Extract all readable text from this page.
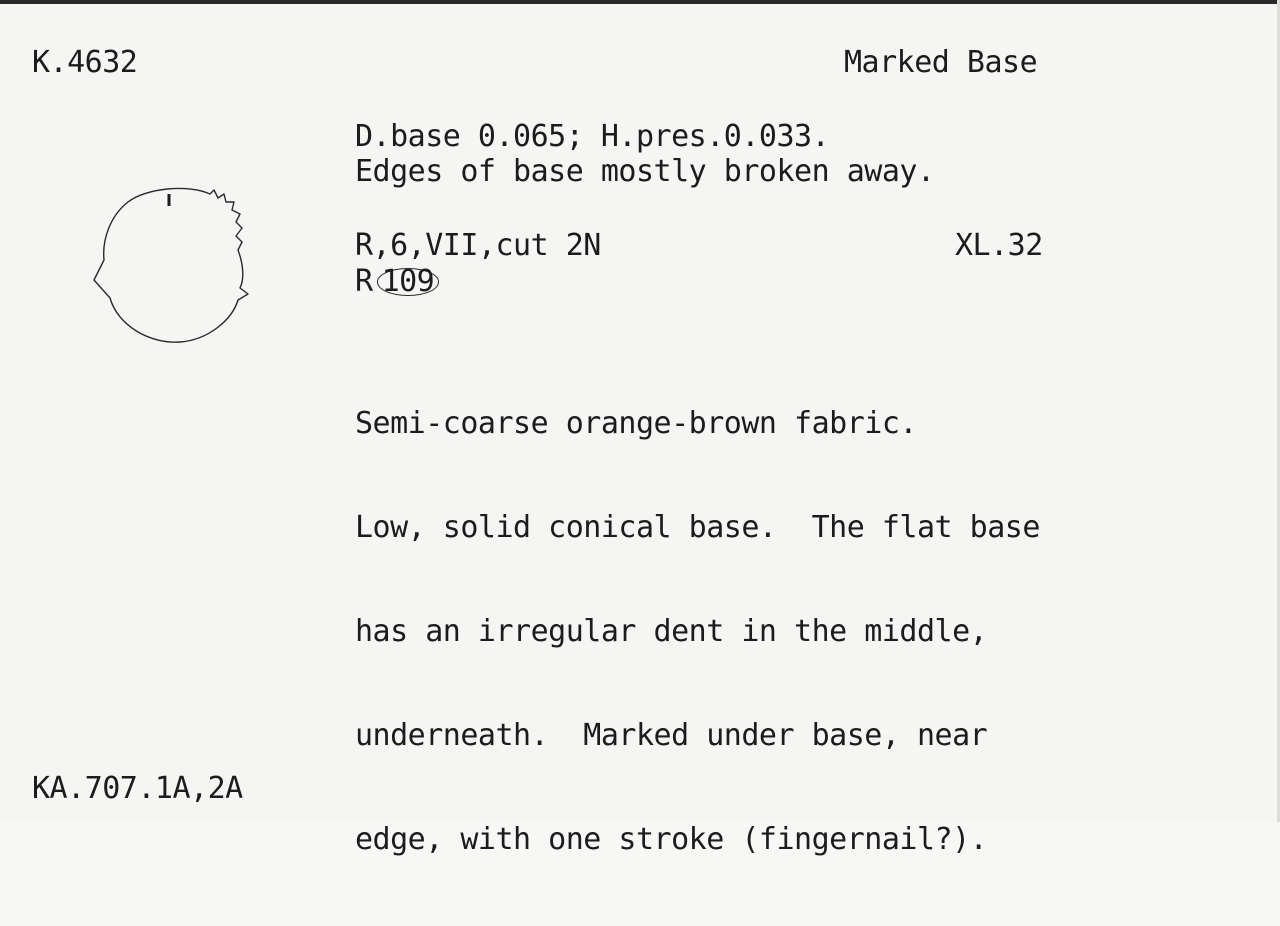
K.4632	Marked Base
D.base 0.065; H.pres.0.033.
Edges of base mostly broken away.
R,6,VII,cut 2N	XL.32
R 109

Semi-coarse orange-brown fabric.

Low, solid conical base.  The flat base

has an irregular dent in the middle,

underneath.  Marked under base, near

edge, with one stroke (fingernail?).

KA.707.1A,2A
